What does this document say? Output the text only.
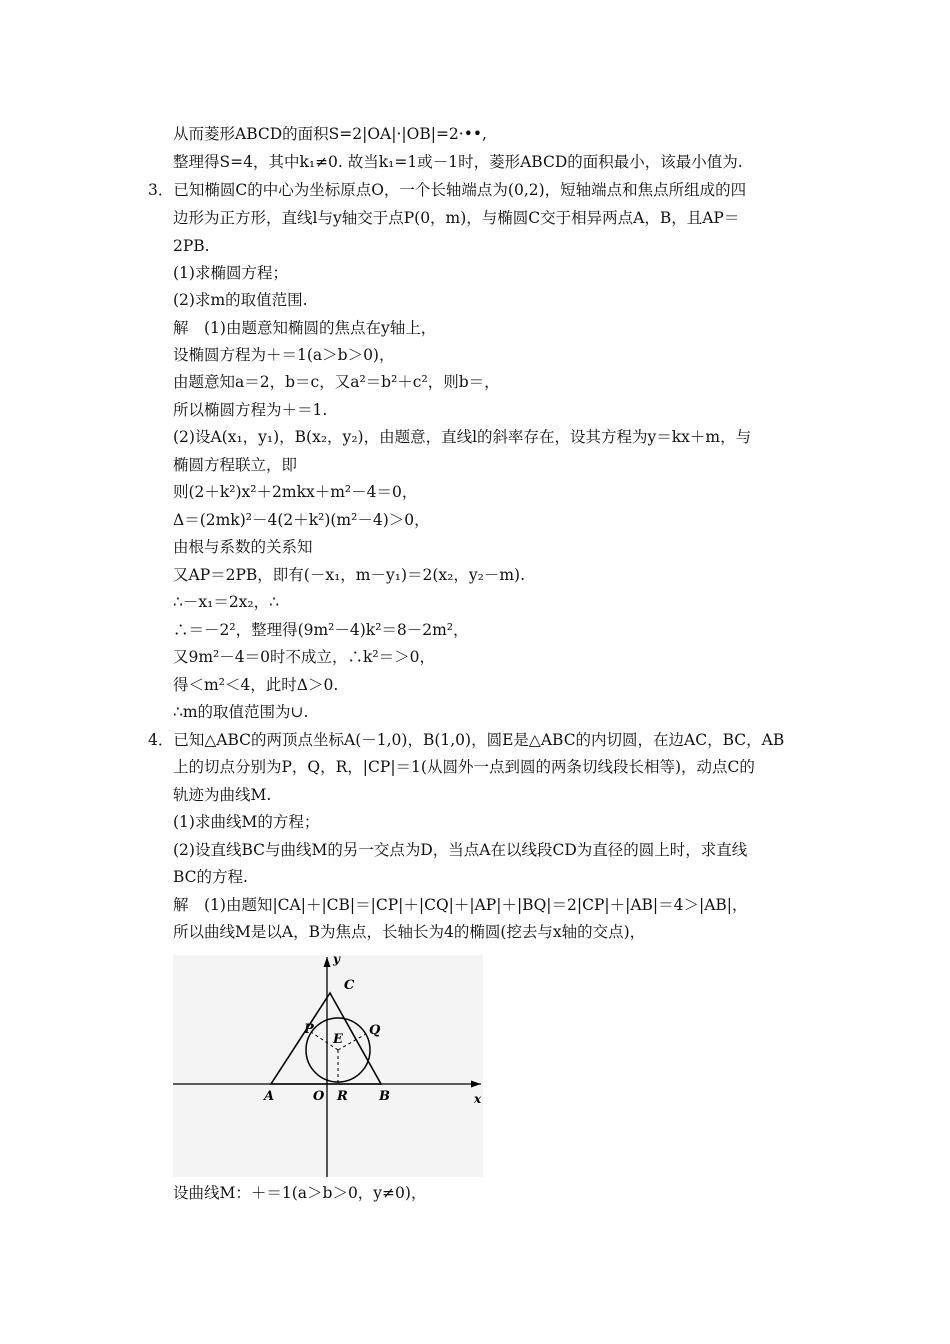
从而菱形ABCD的面积S=2|OA|·|OB|=2·••,
整理得S=4，其中k₁≠0. 故当k₁=1或－1时，菱形ABCD的面积最小，该最小值为.
3．已知椭圆C的中心为坐标原点O，一个长轴端点为(0,2)，短轴端点和焦点所组成的四
边形为正方形，直线l与y轴交于点P(0，m)，与椭圆C交于相异两点A，B，且AP＝
2PB.
(1)求椭圆方程；
(2)求m的取值范围.
解　(1)由题意知椭圆的焦点在y轴上，
设椭圆方程为＋＝1(a＞b＞0)，
由题意知a＝2，b＝c，又a²＝b²＋c²，则b＝，
所以椭圆方程为＋＝1.
(2)设A(x₁，y₁)，B(x₂，y₂)，由题意，直线l的斜率存在，设其方程为y＝kx＋m，与
椭圆方程联立，即
则(2＋k²)x²＋2mkx＋m²－4＝0，
Δ＝(2mk)²－4(2＋k²)(m²－4)＞0，
由根与系数的关系知
又AP＝2PB，即有(－x₁，m－y₁)＝2(x₂，y₂－m).
∴－x₁＝2x₂，∴
∴＝－2²，整理得(9m²－4)k²＝8－2m²，
又9m²－4＝0时不成立，∴k²＝＞0，
得＜m²＜4，此时Δ＞0.
∴m的取值范围为∪.
4．已知△ABC的两顶点坐标A(－1,0)，B(1,0)，圆E是△ABC的内切圆，在边AC，BC，AB
上的切点分别为P，Q，R，|CP|＝1(从圆外一点到圆的两条切线段长相等)，动点C的
轨迹为曲线M.
(1)求曲线M的方程；
(2)设直线BC与曲线M的另一交点为D，当点A在以线段CD为直径的圆上时，求直线
BC的方程.
解　(1)由题知|CA|＋|CB|＝|CP|＋|CQ|＋|AP|＋|BQ|＝2|CP|＋|AB|＝4＞|AB|，
所以曲线M是以A，B为焦点，长轴长为4的椭圆(挖去与x轴的交点)，
y
x
C
P	Q
E
A	O R B
设曲线M：＋＝1(a＞b＞0，y≠0)，
